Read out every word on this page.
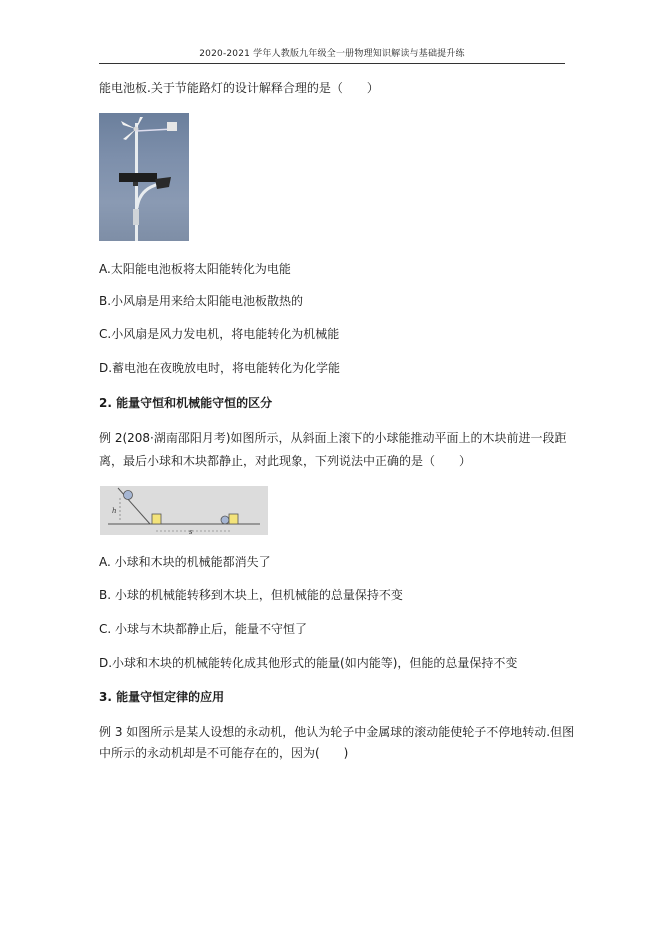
2020-2021 学年人教版九年级全一册物理知识解读与基础提升练
能电池板.关于节能路灯的设计解释合理的是（　　）
A.太阳能电池板将太阳能转化为电能
B.小风扇是用来给太阳能电池板散热的
C.小风扇是风力发电机，将电能转化为机械能
D.蓄电池在夜晚放电时，将电能转化为化学能
2. 能量守恒和机械能守恒的区分
例 2(208·湖南邵阳月考)如图所示，从斜面上滚下的小球能推动平面上的木块前进一段距
离，最后小球和木块都静止，对此现象，下列说法中正确的是（　　）
h
s
A. 小球和木块的机械能都消失了
B. 小球的机械能转移到木块上，但机械能的总量保持不变
C. 小球与木块都静止后，能量不守恒了
D.小球和木块的机械能转化成其他形式的能量(如内能等)，但能的总量保持不变
3. 能量守恒定律的应用
例 3 如图所示是某人设想的永动机，他认为轮子中金属球的滚动能使轮子不停地转动.但图
中所示的永动机却是不可能存在的，因为(　　)
